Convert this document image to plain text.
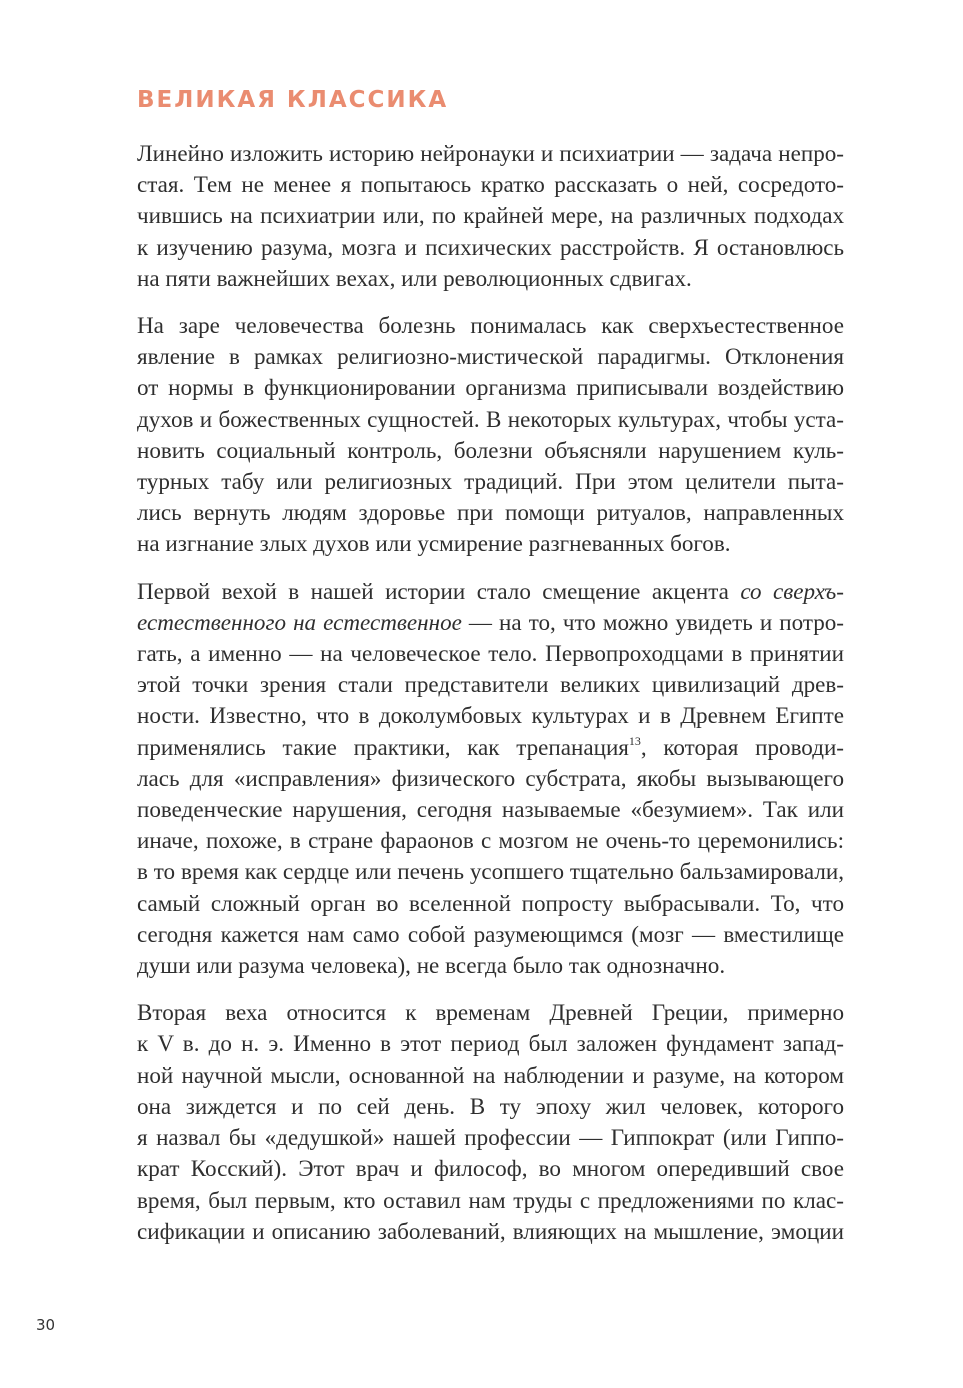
ВЕЛИКАЯ КЛАССИКА

Линейно изложить историю нейронауки и психиатрии — задача непро-
стая. Тем не менее я попытаюсь кратко рассказать о ней, сосредото-
чившись на психиатрии или, по крайней мере, на различных подходах
к изучению разума, мозга и психических расстройств. Я остановлюсь
на пяти важнейших вехах, или революционных сдвигах.

На заре человечества болезнь понималась как сверхъестественное
явление в рамках религиозно-мистической парадигмы. Отклонения
от нормы в функционировании организма приписывали воздействию
духов и божественных сущностей. В некоторых культурах, чтобы уста-
новить социальный контроль, болезни объясняли нарушением куль-
турных табу или религиозных традиций. При этом целители пыта-
лись вернуть людям здоровье при помощи ритуалов, направленных
на изгнание злых духов или усмирение разгневанных богов.

Первой вехой в нашей истории стало смещение акцента со сверхъ-
естественного на естественное — на то, что можно увидеть и потро-
гать, а именно — на человеческое тело. Первопроходцами в принятии
этой точки зрения стали представители великих цивилизаций древ-
ности. Известно, что в доколумбовых культурах и в Древнем Египте
применялись такие практики, как трепанация$^{13}$, которая проводи-
лась для «исправления» физического субстрата, якобы вызывающего
поведенческие нарушения, сегодня называемые «безумием». Так или
иначе, похоже, в стране фараонов с мозгом не очень-то церемонились:
в то время как сердце или печень усопшего тщательно бальзамировали,
самый сложный орган во вселенной попросту выбрасывали. То, что
сегодня кажется нам само собой разумеющимся (мозг — вместилище
души или разума человека), не всегда было так однозначно.

Вторая веха относится к временам Древней Греции, примерно
к V в. до н. э. Именно в этот период был заложен фундамент запад-
ной научной мысли, основанной на наблюдении и разуме, на котором
она зиждется и по сей день. В ту эпоху жил человек, которого
я назвал бы «дедушкой» нашей профессии — Гиппократ (или Гиппо-
крат Косский). Этот врач и философ, во многом опередивший свое
время, был первым, кто оставил нам труды с предложениями по клас-
сификации и описанию заболеваний, влияющих на мышление, эмоции

30
